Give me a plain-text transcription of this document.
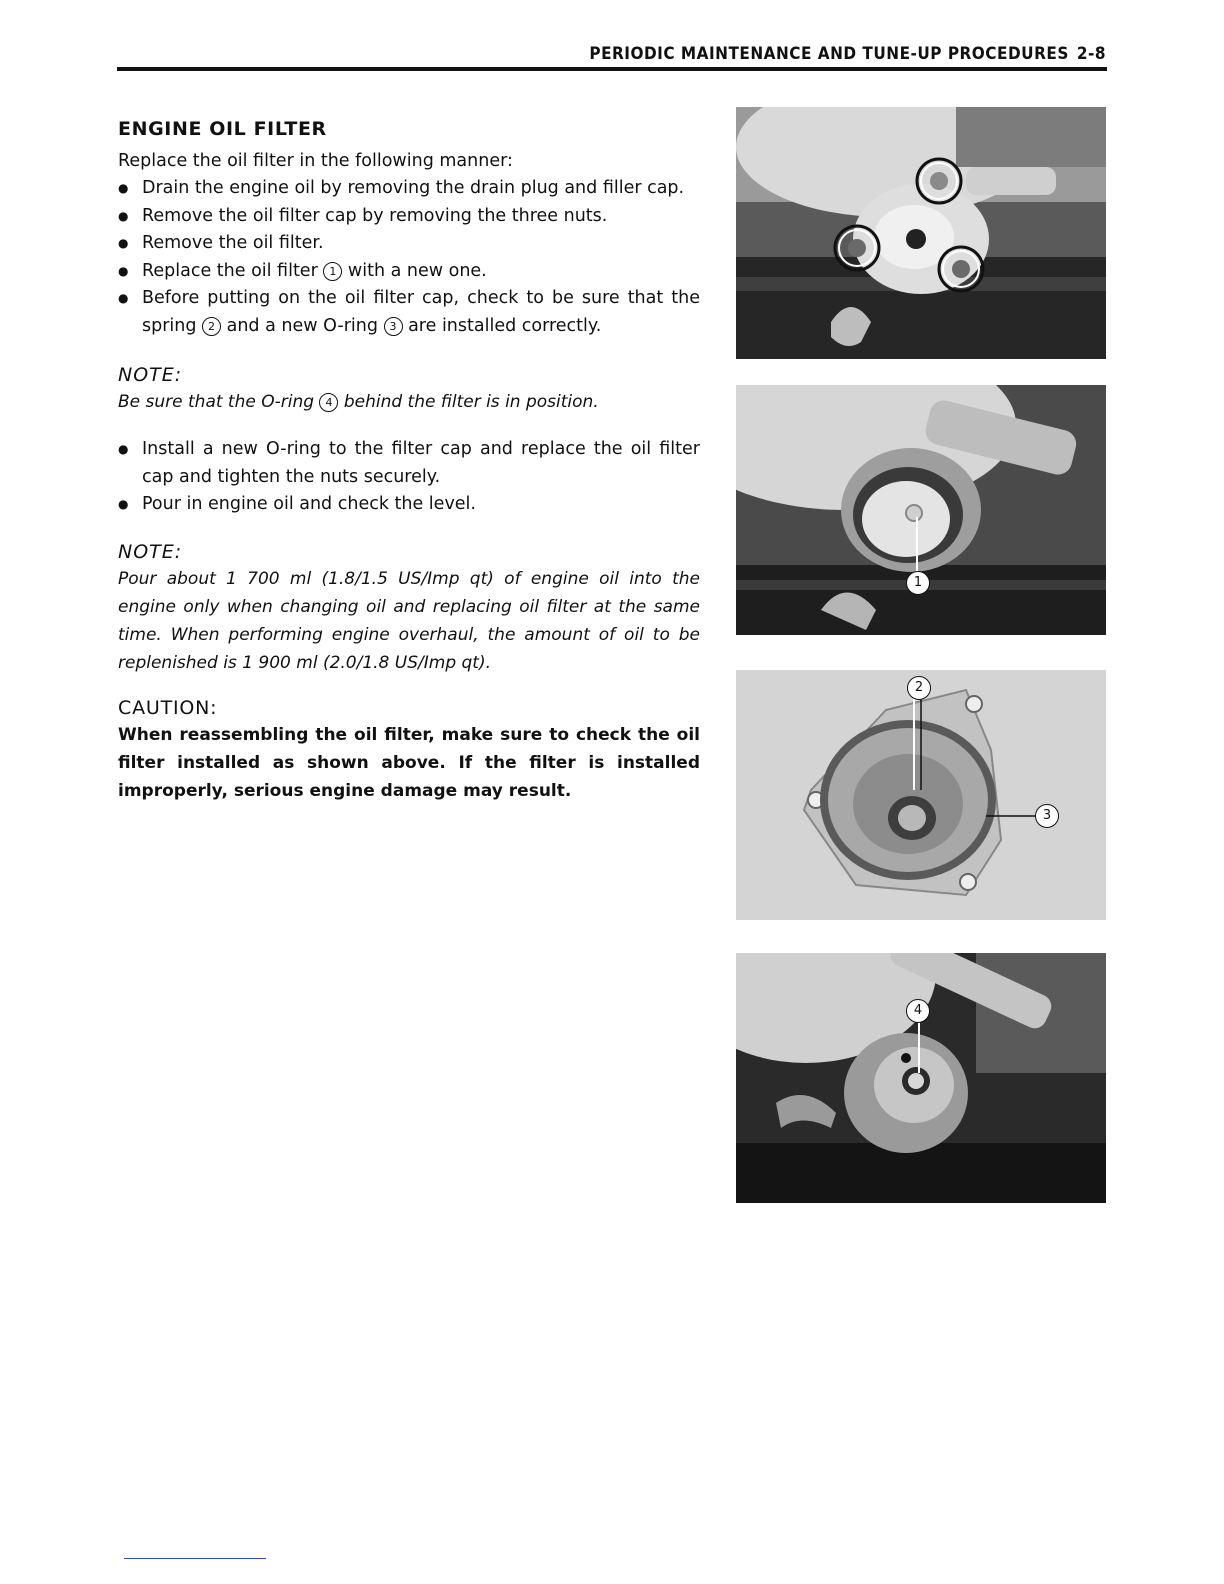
PERIODIC MAINTENANCE AND TUNE-UP PROCEDURES 2-8
ENGINE OIL FILTER

Replace the oil filter in the following manner:

● Drain the engine oil by removing the drain plug and filler cap.
● Remove the oil filter cap by removing the three nuts.
● Remove the oil filter.
● Replace the oil filter 1 with a new one.
● Before putting on the oil filter cap, check to be sure that the spring 2 and a new O-ring 3 are installed correctly.

NOTE:

Be sure that the O-ring 4 behind the filter is in position.

● Install a new O-ring to the filter cap and replace the oil filter cap and tighten the nuts securely.
● Pour in engine oil and check the level.

NOTE:

Pour about 1 700 ml (1.8/1.5 US/Imp qt) of engine oil into the engine only when changing oil and replacing oil filter at the same time. When performing engine overhaul, the amount of oil to be replenished is 1 900 ml (2.0/1.8 US/Imp qt).

CAUTION:

When reassembling the oil filter, make sure to check the oil filter installed as shown above. If the filter is installed improperly, serious engine damage may result.

1
2
3
4
